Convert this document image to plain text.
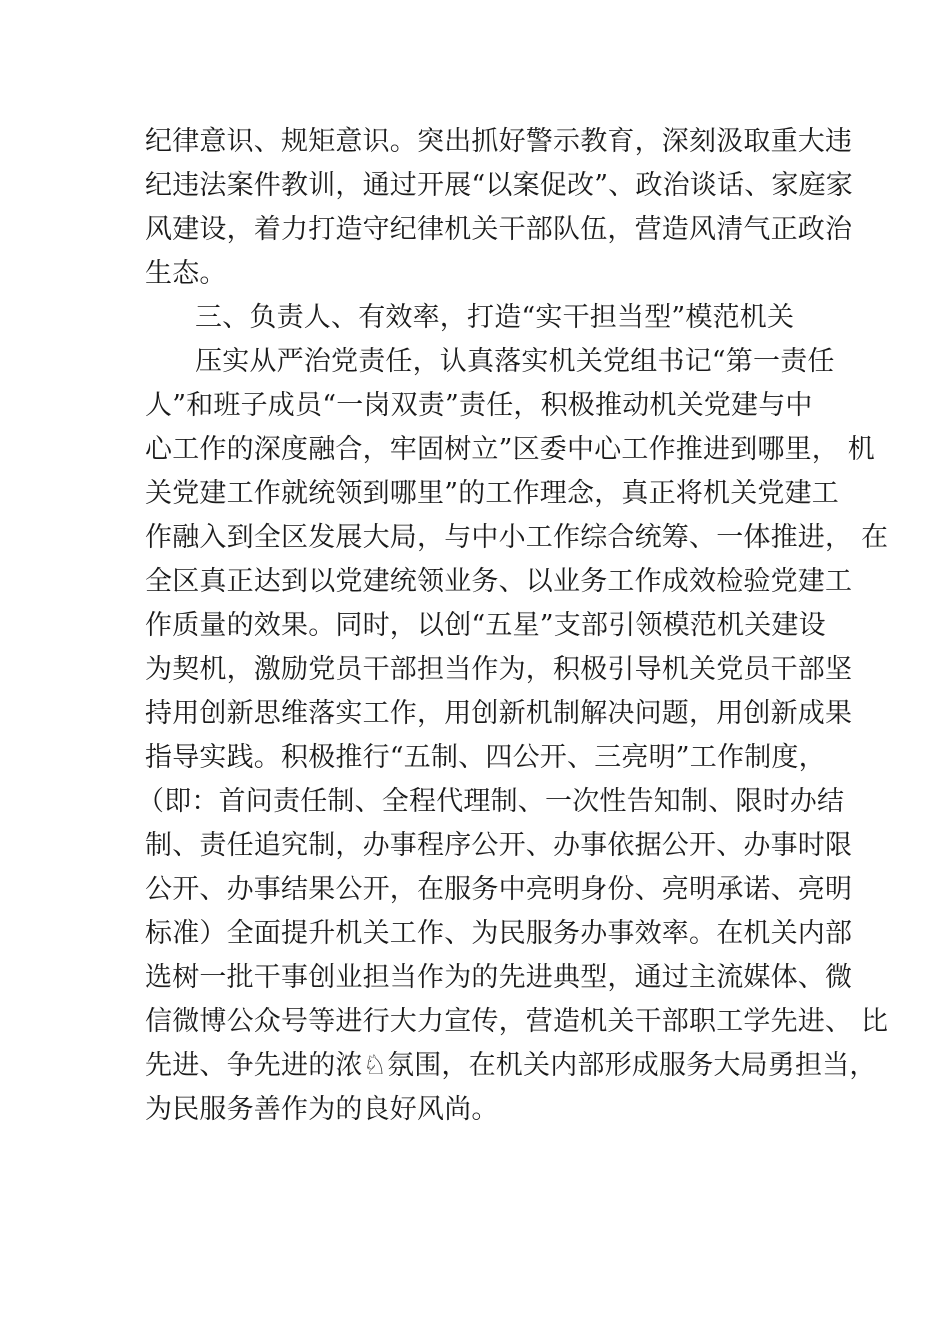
纪律意识、规矩意识。突出抓好警示教育，深刻汲取重大违
纪违法案件教训，通过开展“以案促改”、政治谈话、家庭家
风建设，着力打造守纪律机关干部队伍，营造风清气正政治
生态。
三、负责人、有效率，打造“实干担当型”模范机关
压实从严治党责任，认真落实机关党组书记“第一责任
人”和班子成员“一岗双责”责任，积极推动机关党建与中
心工作的深度融合，牢固树立”区委中心工作推进到哪里， 机
关党建工作就统领到哪里”的工作理念，真正将机关党建工
作融入到全区发展大局，与中小工作综合统筹、一体推进， 在
全区真正达到以党建统领业务、以业务工作成效检验党建工
作质量的效果。同时，以创“五星”支部引领模范机关建设
为契机，激励党员干部担当作为，积极引导机关党员干部坚
持用创新思维落实工作，用创新机制解决问题，用创新成果
指导实践。积极推行“五制、四公开、三亮明”工作制度，
（即：首问责任制、全程代理制、一次性告知制、限时办结
制、责任追究制，办事程序公开、办事依据公开、办事时限
公开、办事结果公开，在服务中亮明身份、亮明承诺、亮明
标准）全面提升机关工作、为民服务办事效率。在机关内部
选树一批干事创业担当作为的先进典型，通过主流媒体、微
信微博公众号等进行大力宣传，营造机关干部职工学先进、 比
先进、争先进的浓♘氛围，在机关内部形成服务大局勇担当，
为民服务善作为的良好风尚。
